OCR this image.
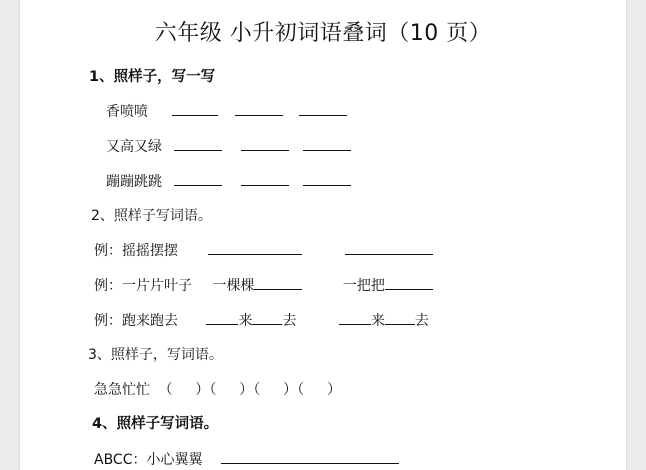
六年级 小升初词语叠词（10 页）
1、照样子，写一写
香喷喷
又高又绿
蹦蹦跳跳
2、照样子写词语。
例：摇摇摆摆
例：一片片叶子 一棵棵	一把把
例：跑来跑去	来 去	来 去
3、照样子，写词语。
急急忙忙 （ ）（ ）（ ）（ ）
4、照样子写词语。
ABCC：小心翼翼
